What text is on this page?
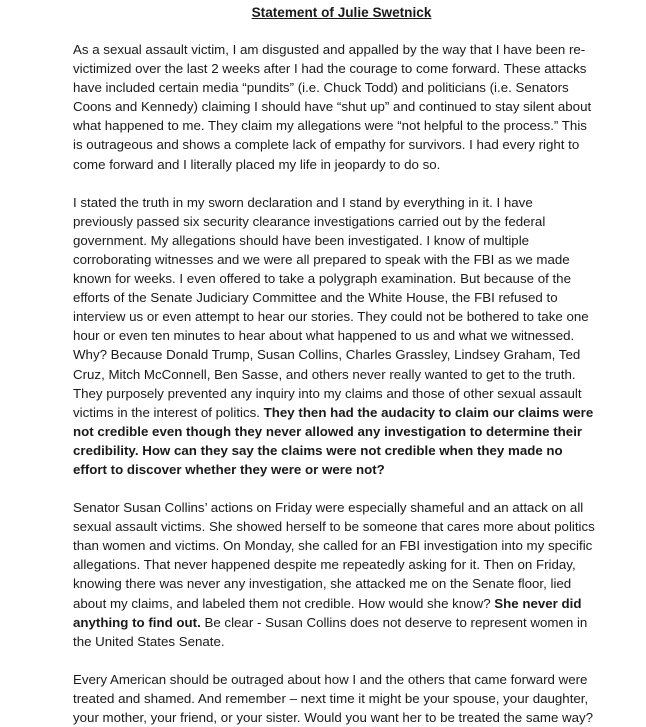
Statement of Julie Swetnick

As a sexual assault victim, I am disgusted and appalled by the way that I have been re-victimized over the last 2 weeks after I had the courage to come forward. These attacks have included certain media “pundits” (i.e. Chuck Todd) and politicians (i.e. Senators Coons and Kennedy) claiming I should have “shut up” and continued to stay silent about what happened to me. They claim my allegations were “not helpful to the process.” This is outrageous and shows a complete lack of empathy for survivors. I had every right to come forward and I literally placed my life in jeopardy to do so.

I stated the truth in my sworn declaration and I stand by everything in it. I have previously passed six security clearance investigations carried out by the federal government. My allegations should have been investigated. I know of multiple corroborating witnesses and we were all prepared to speak with the FBI as we made known for weeks. I even offered to take a polygraph examination. But because of the efforts of the Senate Judiciary Committee and the White House, the FBI refused to interview us or even attempt to hear our stories. They could not be bothered to take one hour or even ten minutes to hear about what happened to us and what we witnessed. Why? Because Donald Trump, Susan Collins, Charles Grassley, Lindsey Graham, Ted Cruz, Mitch McConnell, Ben Sasse, and others never really wanted to get to the truth. They purposely prevented any inquiry into my claims and those of other sexual assault victims in the interest of politics. They then had the audacity to claim our claims were not credible even though they never allowed any investigation to determine their credibility. How can they say the claims were not credible when they made no effort to discover whether they were or were not?

Senator Susan Collins’ actions on Friday were especially shameful and an attack on all sexual assault victims. She showed herself to be someone that cares more about politics than women and victims. On Monday, she called for an FBI investigation into my specific allegations. That never happened despite me repeatedly asking for it. Then on Friday, knowing there was never any investigation, she attacked me on the Senate floor, lied about my claims, and labeled them not credible. How would she know? She never did anything to find out. Be clear - Susan Collins does not deserve to represent women in the United States Senate.

Every American should be outraged about how I and the others that came forward were treated and shamed. And remember – next time it might be your spouse, your daughter, your mother, your friend, or your sister. Would you want her to be treated the same way?
